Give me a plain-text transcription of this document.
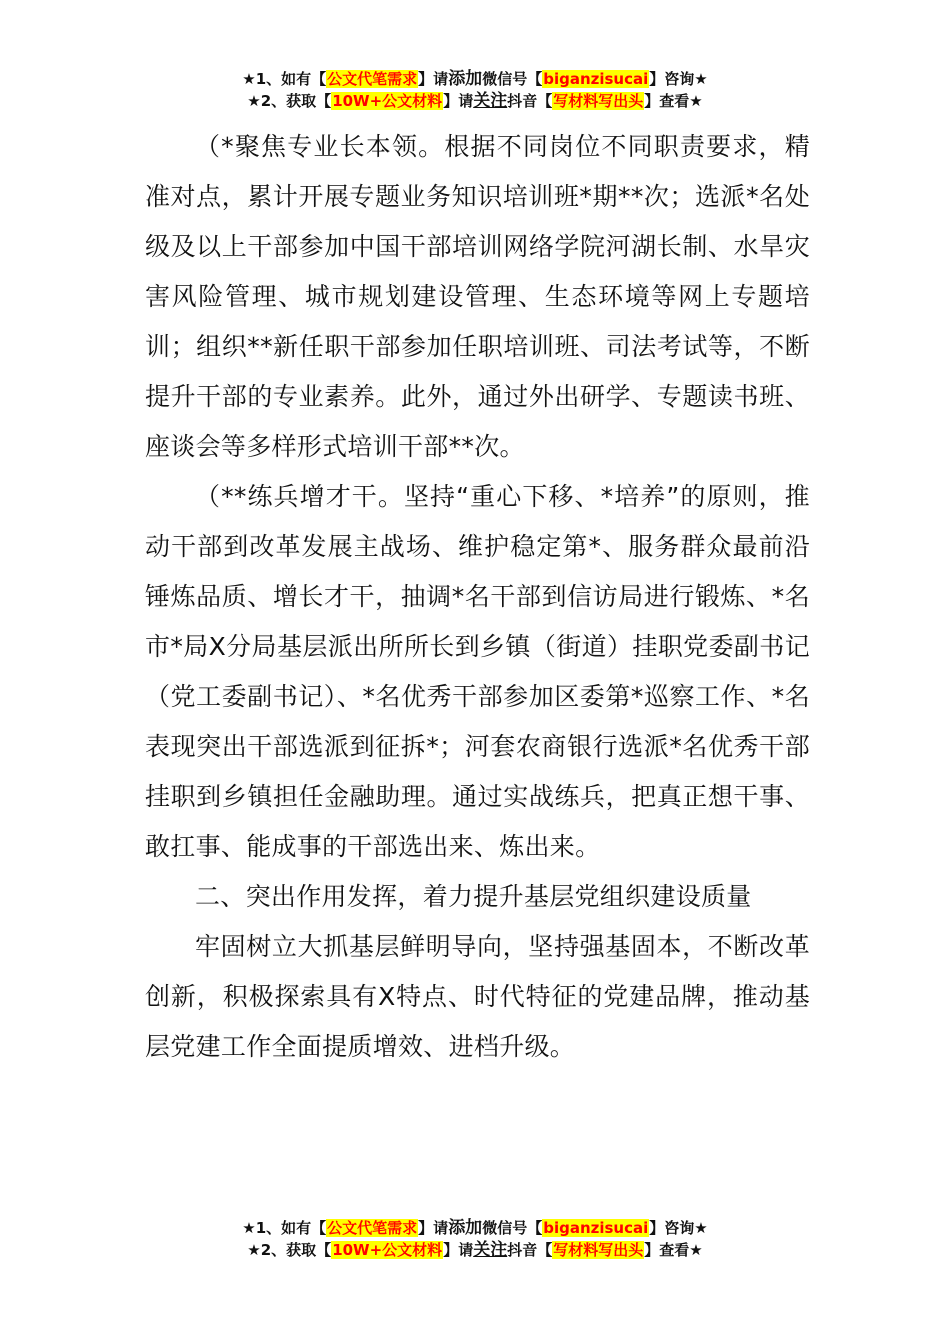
★1、如有【公文代笔需求】请添加微信号【biganzisucai】咨询★
★2、获取【10W+公文材料】请关注抖音【写材料写出头】查看★

（*聚焦专业长本领。根据不同岗位不同职责要求，精准对点，累计开展专题业务知识培训班*期**次；选派*名处级及以上干部参加中国干部培训网络学院河湖长制、水旱灾害风险管理、城市规划建设管理、生态环境等网上专题培训；组织**新任职干部参加任职培训班、司法考试等，不断提升干部的专业素养。此外，通过外出研学、专题读书班、座谈会等多样形式培训干部**次。

（**练兵增才干。坚持“重心下移、*培养”的原则，推动干部到改革发展主战场、维护稳定第*、服务群众最前沿锤炼品质、增长才干，抽调*名干部到信访局进行锻炼、*名市*局X分局基层派出所所长到乡镇（街道）挂职党委副书记（党工委副书记）、*名优秀干部参加区委第*巡察工作、*名表现突出干部选派到征拆*；河套农商银行选派*名优秀干部挂职到乡镇担任金融助理。通过实战练兵，把真正想干事、敢扛事、能成事的干部选出来、炼出来。

二、突出作用发挥，着力提升基层党组织建设质量

牢固树立大抓基层鲜明导向，坚持强基固本，不断改革创新，积极探索具有X特点、时代特征的党建品牌，推动基层党建工作全面提质增效、进档升级。

★1、如有【公文代笔需求】请添加微信号【biganzisucai】咨询★
★2、获取【10W+公文材料】请关注抖音【写材料写出头】查看★
